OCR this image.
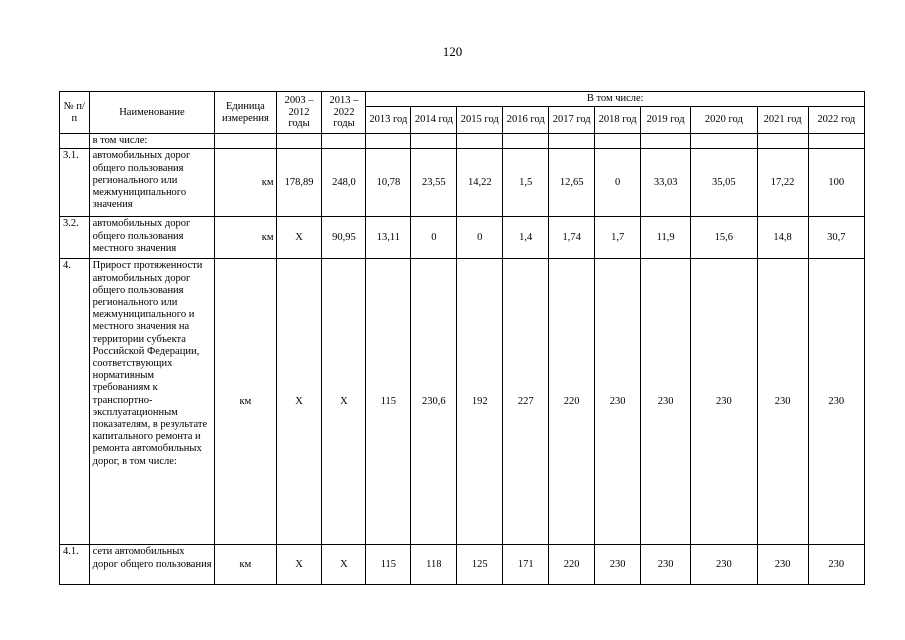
120
№ п/п	Наименование	Единица измерения	2003 – 2012 годы	2013 – 2022 годы	В том числе:									
					2013 год	2014 год	2015 год	2016 год	2017 год	2018 год	2019 год	2020 год	2021 год	2022 год
	в том числе:													
3.1.	автомобильных дорог общего пользования регионального или межмуниципального значения	км	178,89	248,0	10,78	23,55	14,22	1,5	12,65	0	33,03	35,05	17,22	100
3.2.	автомобильных дорог общего пользования местного значения	км	Х	90,95	13,11	0	0	1,4	1,74	1,7	11,9	15,6	14,8	30,7
4.	Прирост протяженности автомобильных дорог общего пользования регионального или межмуниципального и местного значения на территории субъекта Российской Федерации, соответствующих нормативным требованиям к транспортно-эксплуатационным показателям, в результате капитального ремонта и ремонта автомобильных дорог, в том числе:	км	Х	Х	115	230,6	192	227	220	230	230	230	230	230
4.1.	сети автомобильных дорог общего пользования	км	Х	Х	115	118	125	171	220	230	230	230	230	230
